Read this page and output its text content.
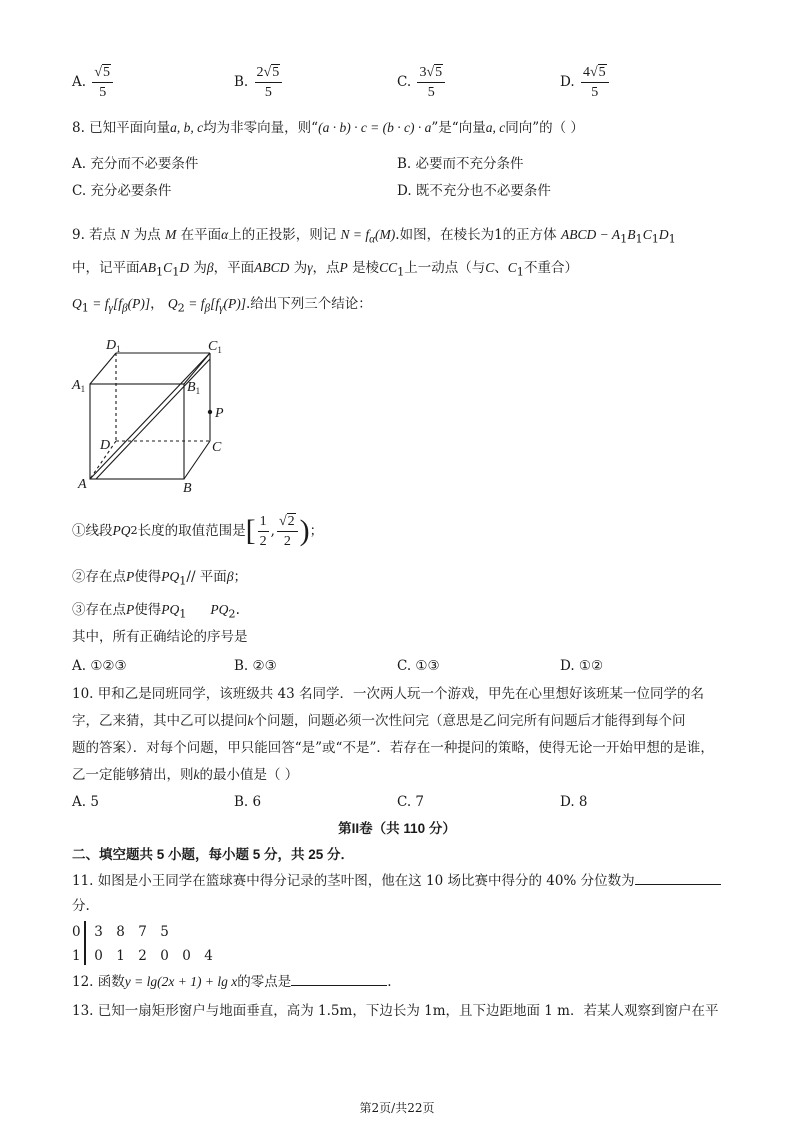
A. $\frac{√5}{5}$	B. $\frac{2√5}{5}$	C. $\frac{3√5}{5}$	D. $\frac{4√5}{5}$
8. 已知平面向量a, b, c均为非零向量，则“(a · b) · c = (b · c) · a”是“向量a, c同向”的（ ）
A. 充分而不必要条件	B. 必要而不充分条件
C. 充分必要条件	D. 既不充分也不必要条件
9. 若点 N 为点 M 在平面α上的正投影，则记 $N = f_\alpha(M)$.如图，在棱长为1的正方体 ABCD − $A_1B_1C_1D_1$
中，记平面$AB_1C_1D$ 为β，平面ABCD 为γ，点P 是棱$CC_1$上一动点（与C、$C_1$不重合）
$Q_1 = f_\gamma[f_\beta(P)]$， $Q_2 = f_\beta[f_\gamma(P)]$.给出下列三个结论：
$D_1$	$C_1$
$A_1$	$B_1$
P
D	C
A	B
①线段 PQ 2 长度的取值范围是 [ $\frac{1}{2}$ , $\frac{√2}{2}$ ) ；
②存在点P使得$PQ_1//$ 平面β；
③存在点P使得$PQ_1$ $PQ_2$.
其中，所有正确结论的序号是
A. ①②③	B. ②③	C. ①③	D. ①②
10. 甲和乙是同班同学，该班级共 43 名同学．一次两人玩一个游戏，甲先在心里想好该班某一位同学的名
字，乙来猜，其中乙可以提问k个问题，问题必须一次性问完（意思是乙问完所有问题后才能得到每个问
题的答案）．对每个问题，甲只能回答“是”或“不是”．若存在一种提问的策略，使得无论一开始甲想的是谁，
乙一定能够猜出，则k的最小值是（ ）
A. 5	B. 6	C. 7	D. 8
第II卷（共 110 分）
二、填空题共 5 小题，每小题 5 分，共 25 分．
11. 如图是小王同学在篮球赛中得分记录的茎叶图，他在这 10 场比赛中得分的 40% 分位数为
分.
0 3 8 7 5
1 0 1 2 0 0 4
12. 函数y = lg(2x + 1) + lg x的零点是	.
13. 已知一扇矩形窗户与地面垂直，高为 1.5m，下边长为 1m，且下边距地面 1 m．若某人观察到窗户在平
第2页/共22页
